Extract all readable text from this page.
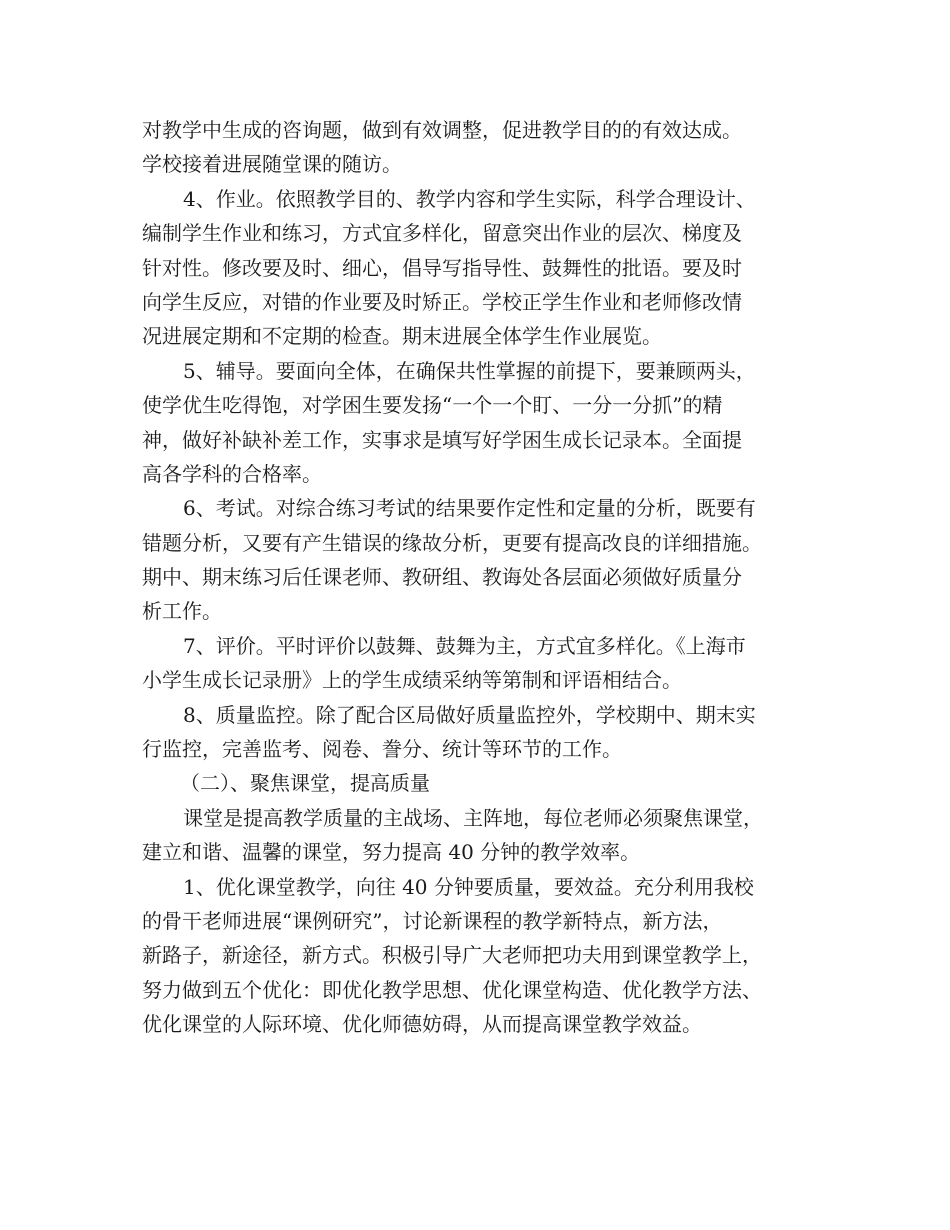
对教学中生成的咨询题，做到有效调整，促进教学目的的有效达成。
学校接着进展随堂课的随访。
4、作业。依照教学目的、教学内容和学生实际，科学合理设计、
编制学生作业和练习，方式宜多样化，留意突出作业的层次、梯度及
针对性。修改要及时、细心，倡导写指导性、鼓舞性的批语。要及时
向学生反应，对错的作业要及时矫正。学校正学生作业和老师修改情
况进展定期和不定期的检查。期末进展全体学生作业展览。
5、辅导。要面向全体，在确保共性掌握的前提下，要兼顾两头，
使学优生吃得饱，对学困生要发扬“一个一个盯、一分一分抓”的精
神，做好补缺补差工作，实事求是填写好学困生成长记录本。全面提
高各学科的合格率。
6、考试。对综合练习考试的结果要作定性和定量的分析，既要有
错题分析，又要有产生错误的缘故分析，更要有提高改良的详细措施。
期中、期末练习后任课老师、教研组、教诲处各层面必须做好质量分
析工作。
7、评价。平时评价以鼓舞、鼓舞为主，方式宜多样化。《上海市
小学生成长记录册》上的学生成绩采纳等第制和评语相结合。
8、质量监控。除了配合区局做好质量监控外，学校期中、期末实
行监控，完善监考、阅卷、誊分、统计等环节的工作。
（二）、聚焦课堂，提高质量
课堂是提高教学质量的主战场、主阵地，每位老师必须聚焦课堂，
建立和谐、温馨的课堂，努力提高 40 分钟的教学效率。
1、优化课堂教学，向往 40 分钟要质量，要效益。充分利用我校
的骨干老师进展“课例研究”，讨论新课程的教学新特点，新方法，
新路子，新途径，新方式。积极引导广大老师把功夫用到课堂教学上，
努力做到五个优化：即优化教学思想、优化课堂构造、优化教学方法、
优化课堂的人际环境、优化师德妨碍，从而提高课堂教学效益。
